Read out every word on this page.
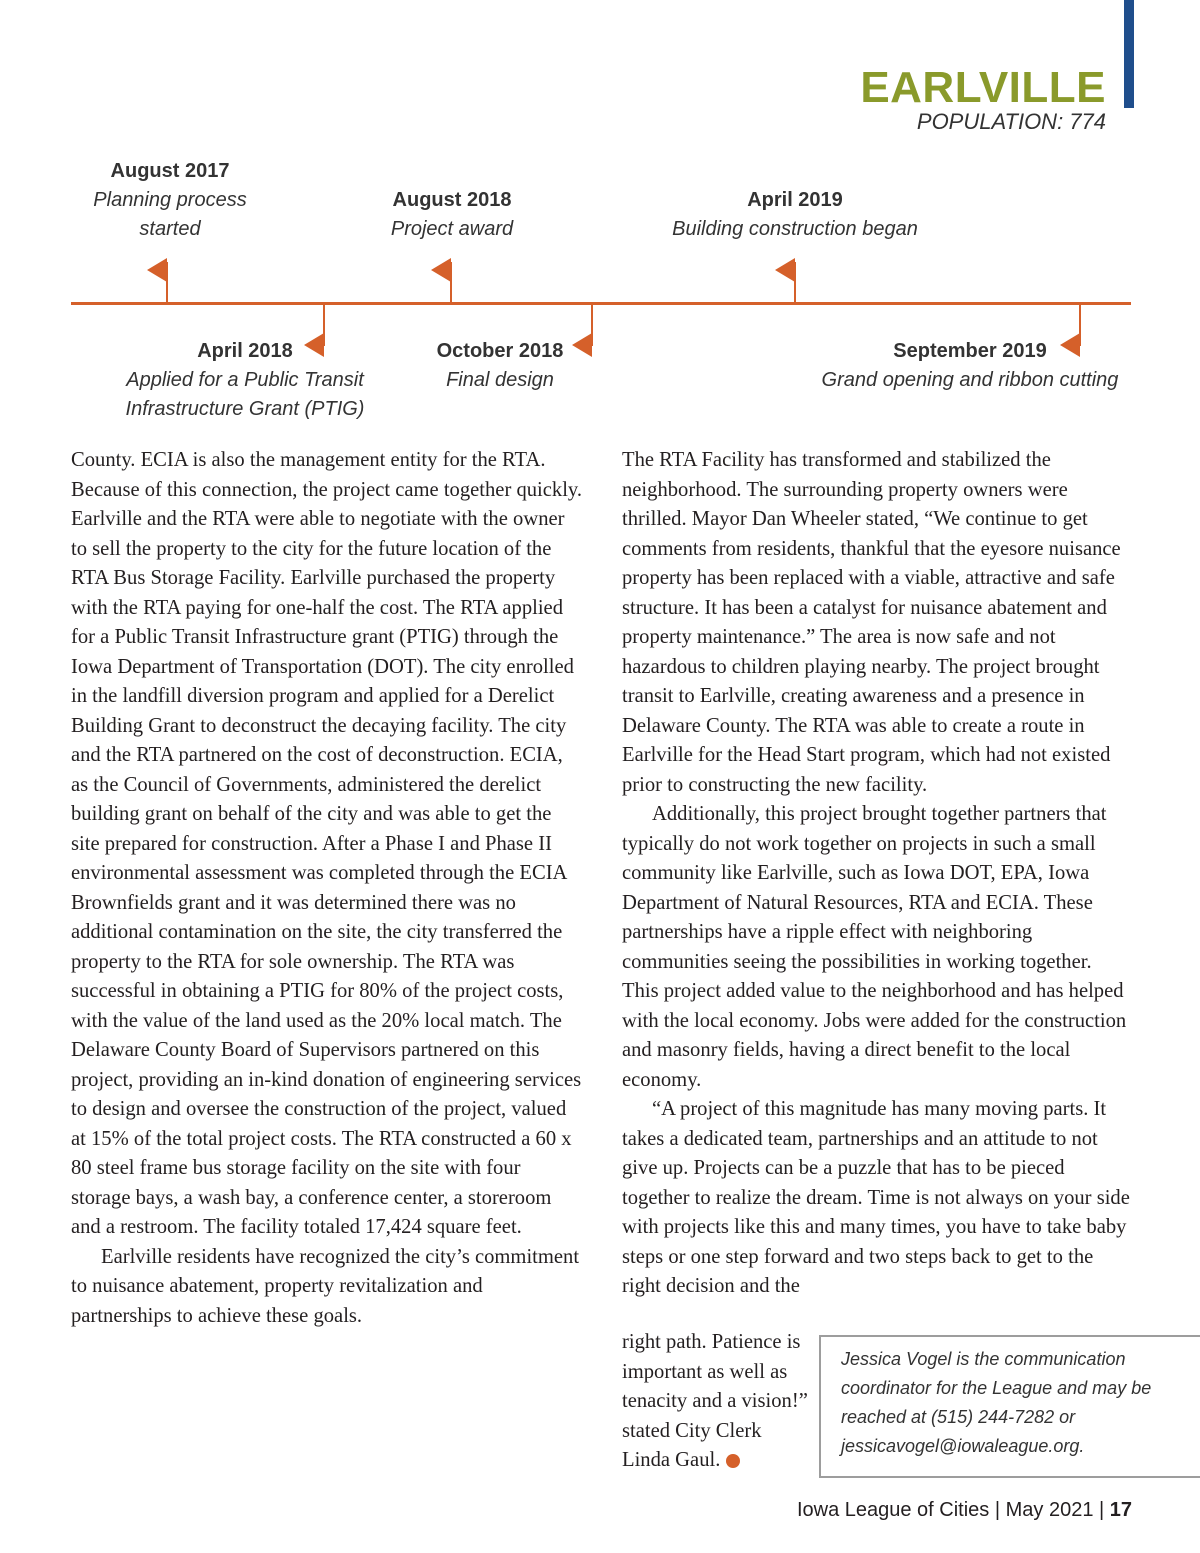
EARLVILLE
POPULATION: 774
August 2017
Planning process
started
August 2018
Project award
April 2019
Building construction began
April 2018
Applied for a Public Transit
Infrastructure Grant (PTIG)
October 2018
Final design
September 2019
Grand opening and ribbon cutting

County. ECIA is also the management entity for the RTA. Because of this connection, the project came together quickly. Earlville and the RTA were able to negotiate with the owner to sell the property to the city for the future location of the RTA Bus Storage Facility. Earlville purchased the property with the RTA paying for one-half the cost. The RTA applied for a Public Transit Infrastructure grant (PTIG) through the Iowa Department of Transportation (DOT). The city enrolled in the landfill diversion program and applied for a Derelict Building Grant to deconstruct the decaying facility. The city and the RTA partnered on the cost of deconstruction. ECIA, as the Council of Governments, administered the derelict building grant on behalf of the city and was able to get the site prepared for construction. After a Phase I and Phase II environmental assessment was completed through the ECIA Brownfields grant and it was determined there was no additional contamination on the site, the city transferred the property to the RTA for sole ownership. The RTA was successful in obtaining a PTIG for 80% of the project costs, with the value of the land used as the 20% local match. The Delaware County Board of Supervisors partnered on this project, providing an in-kind donation of engineering services to design and oversee the construction of the project, valued at 15% of the total project costs. The RTA constructed a 60 x 80 steel frame bus storage facility on the site with four storage bays, a wash bay, a conference center, a storeroom and a restroom. The facility totaled 17,424 square feet.

Earlville residents have recognized the city’s commitment to nuisance abatement, property revitalization and partnerships to achieve these goals.

The RTA Facility has transformed and stabilized the neighborhood. The surrounding property owners were thrilled. Mayor Dan Wheeler stated, “We continue to get comments from residents, thankful that the eyesore nuisance property has been replaced with a viable, attractive and safe structure. It has been a catalyst for nuisance abatement and property maintenance.” The area is now safe and not hazardous to children playing nearby. The project brought transit to Earlville, creating awareness and a presence in Delaware County. The RTA was able to create a route in Earlville for the Head Start program, which had not existed prior to constructing the new facility.

Additionally, this project brought together partners that typically do not work together on projects in such a small community like Earlville, such as Iowa DOT, EPA, Iowa Department of Natural Resources, RTA and ECIA. These partnerships have a ripple effect with neighboring communities seeing the possibilities in working together. This project added value to the neighborhood and has helped with the local economy. Jobs were added for the construction and masonry fields, having a direct benefit to the local economy.

“A project of this magnitude has many moving parts. It takes a dedicated team, partnerships and an attitude to not give up. Projects can be a puzzle that has to be pieced together to realize the dream. Time is not always on your side with projects like this and many times, you have to take baby steps or one step forward and two steps back to get to the right decision and the

right path. Patience is important as well as tenacity and a vision!” stated City Clerk Linda Gaul.
Jessica Vogel is the communication coordinator for the League and may be reached at (515) 244-7282 or jessicavogel@iowaleague.org.
Iowa League of Cities | May 2021 | 17
